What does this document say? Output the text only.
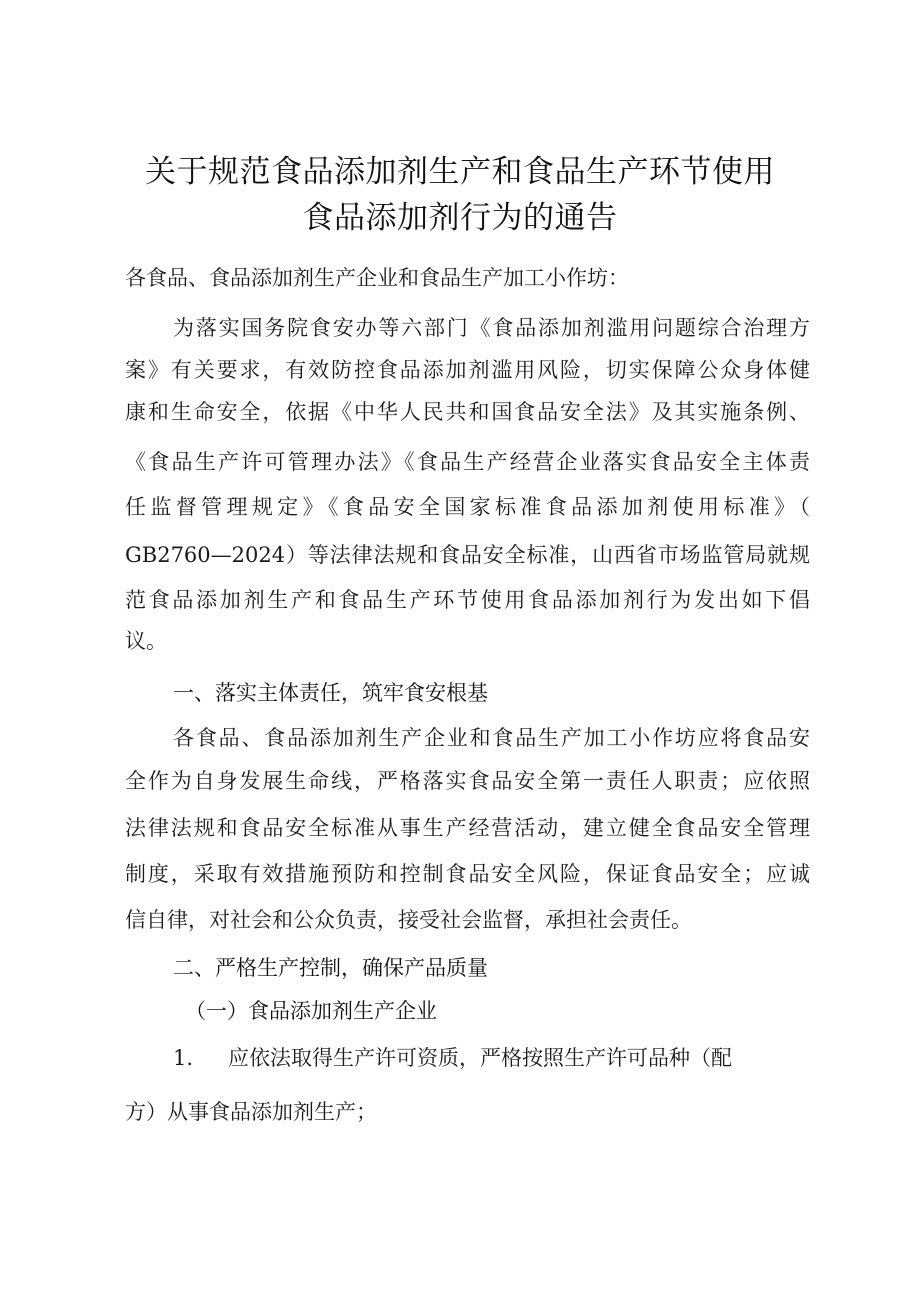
关于规范食品添加剂生产和食品生产环节使用
食品添加剂行为的通告
各食品、食品添加剂生产企业和食品生产加工小作坊：
为落实国务院食安办等六部门《食品添加剂滥用问题综合治理方
案》有关要求，有效防控食品添加剂滥用风险，切实保障公众身体健
康和生命安全，依据《中华人民共和国食品安全法》及其实施条例、
《食品生产许可管理办法》《食品生产经营企业落实食品安全主体责
任监督管理规定》《食品安全国家标准食品添加剂使用标准》（
GB2760—2024）等法律法规和食品安全标准，山西省市场监管局就规
范食品添加剂生产和食品生产环节使用食品添加剂行为发出如下倡
议。
一、落实主体责任，筑牢食安根基
各食品、食品添加剂生产企业和食品生产加工小作坊应将食品安
全作为自身发展生命线，严格落实食品安全第一责任人职责；应依照
法律法规和食品安全标准从事生产经营活动，建立健全食品安全管理
制度，采取有效措施预防和控制食品安全风险，保证食品安全；应诚
信自律，对社会和公众负责，接受社会监督，承担社会责任。
二、严格生产控制，确保产品质量
（一）食品添加剂生产企业
1.	应依法取得生产许可资质，严格按照生产许可品种（配
方）从事食品添加剂生产；
